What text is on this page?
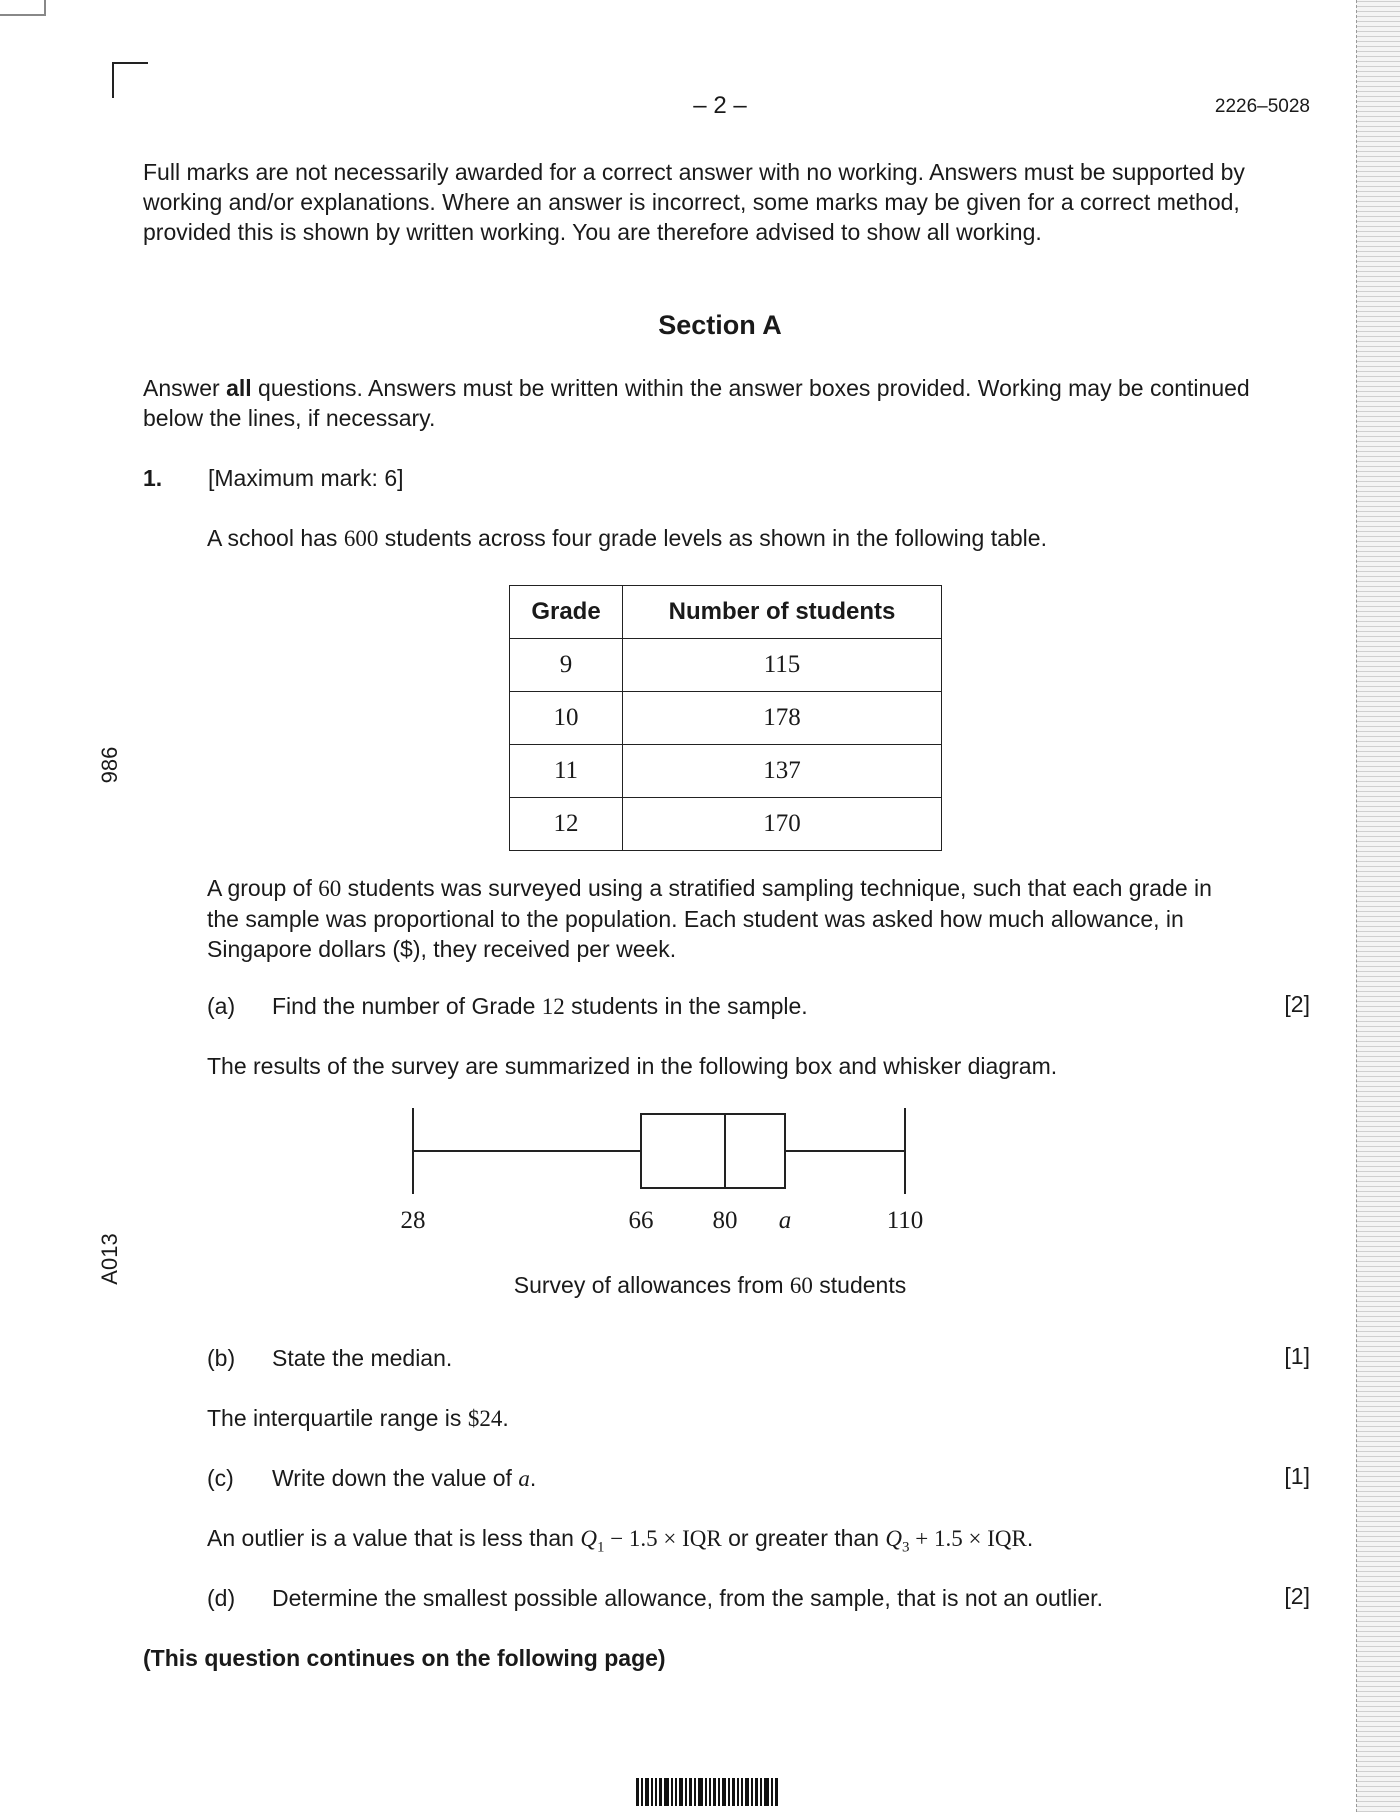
– 2 –	2226–5028
Full marks are not necessarily awarded for a correct answer with no working. Answers must be supported by working and/or explanations. Where an answer is incorrect, some marks may be given for a correct method, provided this is shown by written working. You are therefore advised to show all working.
Section A
Answer all questions. Answers must be written within the answer boxes provided. Working may be continued below the lines, if necessary.
986
A013
1. [Maximum mark: 6]
A school has 600 students across four grade levels as shown in the following table.
Grade	Number of students
9	115
10	178
11	137
12	170
A group of 60 students was surveyed using a stratified sampling technique, such that each grade in the sample was proportional to the population. Each student was asked how much allowance, in Singapore dollars ($), they received per week.
(a) Find the number of Grade 12 students in the sample.	[2]
The results of the survey are summarized in the following box and whisker diagram.
28	66 80 a	110
Survey of allowances from 60 students
(b) State the median.	[1]
The interquartile range is $24.
(c) Write down the value of a.	[1]
An outlier is a value that is less than $Q_1 - 1.5$ × IQR or greater than $Q_3 + 1.5$ × IQR.
(d) Determine the smallest possible allowance, from the sample, that is not an outlier.	[2]
(This question continues on the following page)
